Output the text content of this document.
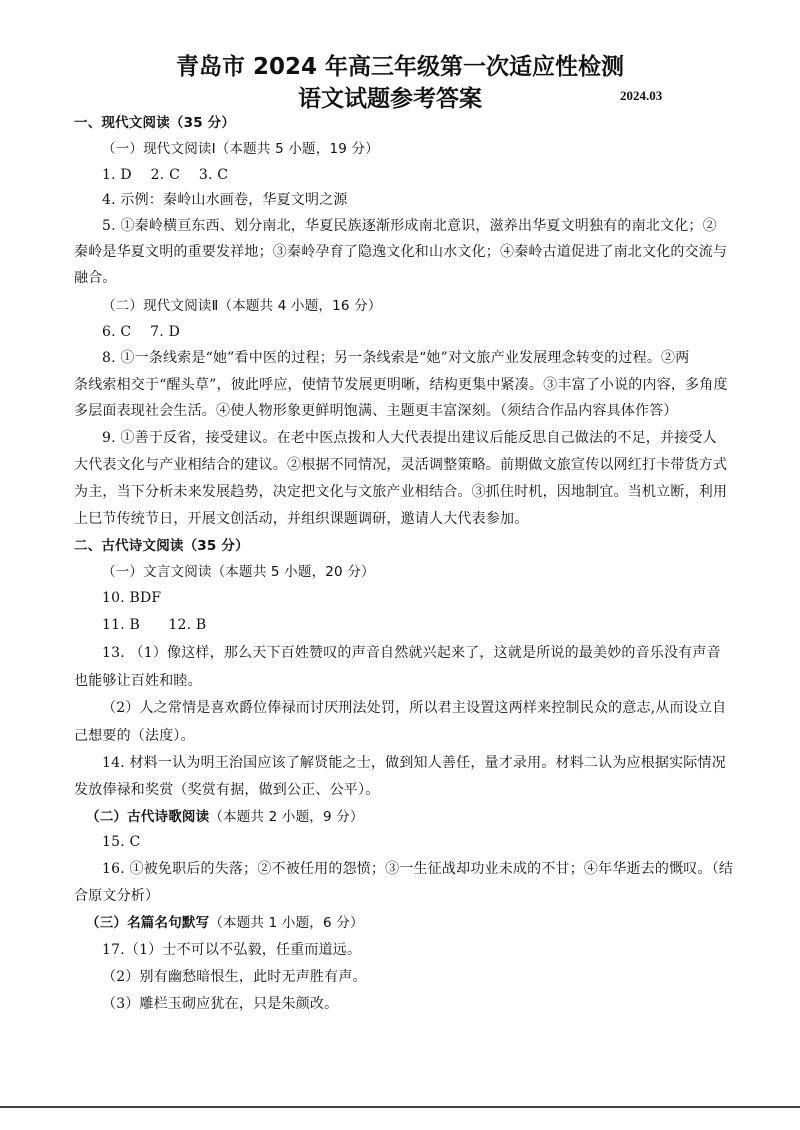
青岛市 2024 年高三年级第一次适应性检测
语文试题参考答案	2024.03
一、现代文阅读（35 分）
（一）现代文阅读Ⅰ（本题共 5 小题，19 分）
1. D　 2. C　 3. C
4. 示例：秦岭山水画卷，华夏文明之源
5. ①秦岭横亘东西、划分南北，华夏民族逐渐形成南北意识，滋养出华夏文明独有的南北文化；②
秦岭是华夏文明的重要发祥地；③秦岭孕育了隐逸文化和山水文化；④秦岭古道促进了南北文化的交流与
融合。
（二）现代文阅读Ⅱ（本题共 4 小题，16 分）
6. C　 7. D
8. ①一条线索是“她”看中医的过程；另一条线索是“她”对文旅产业发展理念转变的过程。②两
条线索相交于“醒头草”，彼此呼应，使情节发展更明晰，结构更集中紧凑。③丰富了小说的内容，多角度
多层面表现社会生活。④使人物形象更鲜明饱满、主题更丰富深刻。（须结合作品内容具体作答）
9. ①善于反省，接受建议。在老中医点拨和人大代表提出建议后能反思自己做法的不足，并接受人
大代表文化与产业相结合的建议。②根据不同情况，灵活调整策略。前期做文旅宣传以网红打卡带货方式
为主，当下分析未来发展趋势，决定把文化与文旅产业相结合。③抓住时机，因地制宜。当机立断，利用
上巳节传统节日，开展文创活动，并组织课题调研，邀请人大代表参加。
二、古代诗文阅读（35 分）
（一）文言文阅读（本题共 5 小题，20 分）
10. BDF
11. B　　12. B
13. （1）像这样，那么天下百姓赞叹的声音自然就兴起来了，这就是所说的最美妙的音乐没有声音
也能够让百姓和睦。
（2）人之常情是喜欢爵位俸禄而讨厌刑法处罚，所以君主设置这两样来控制民众的意志,从而设立自
己想要的（法度）。
14. 材料一认为明王治国应该了解贤能之士，做到知人善任，量才录用。材料二认为应根据实际情况
发放俸禄和奖赏（奖赏有据，做到公正、公平）。
（二）古代诗歌阅读（本题共 2 小题，9 分）
15. C
16. ①被免职后的失落；②不被任用的怨愤；③一生征战却功业未成的不甘；④年华逝去的慨叹。（结
合原文分析）
（三）名篇名句默写（本题共 1 小题，6 分）
17.（1）士不可以不弘毅，任重而道远。
（2）别有幽愁暗恨生，此时无声胜有声。
（3）雕栏玉砌应犹在，只是朱颜改。
